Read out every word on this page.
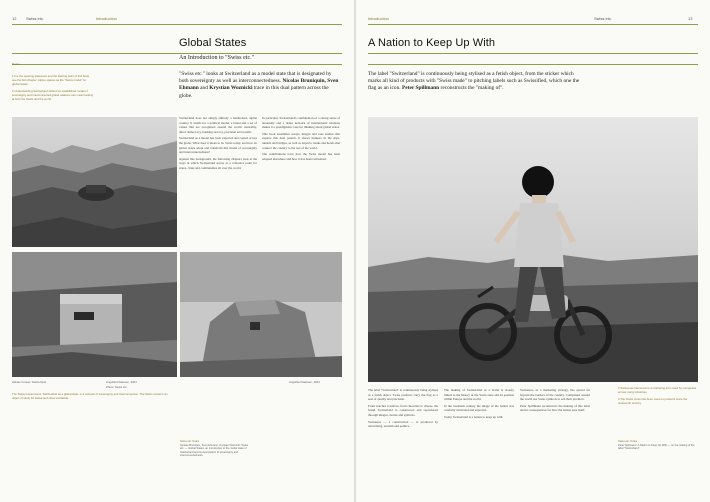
12 Swiss etc.	Introduction
Global States
An Introduction to "Swiss etc."
Notes

1 For the opening statement and the starting point of this book see the first chapter: Alpine spaces as the "Swiss model" for global states.

2 Understanding Switzerland without an established model of sovereignty and interconnected global relations can mean looking at both the Swiss and the world.

"Swiss etc." looks at Switzerland as a model state that is designated by both sovereignty as well as interconnectedness. Nicolas Bruniquin, Sven Ehmann and Krystian Woznicki trace in this dual pattern across the globe.

Switzerland does not simply embody a landlocked, alpine country. It stands for a political model, a brand and a set of values that are recognised around the world: neutrality, direct democracy, banking secrecy, precision and wealth.

Switzerland as a model has been exported and copied across the globe. What does it mean to be Swiss today, and how do global states adopt and transform this model of sovereignty and interconnectedness?

Against this background, the following chapters look at the ways in which Switzerland serves as a reference point for states, cities and communities all over the world.

In particular, Switzerland's combination of a strong sense of autonomy and a dense network of international relations makes it a paradigmatic case for thinking about global states.

This book assembles essays, images and case studies that explore this dual pattern. It shows bunkers in the Alps, tunnels and bridges, as well as airports, banks and hotels that connect the country to the rest of the world.

The contributions trace how the Swiss model has been adopted elsewhere and how it has been reinvented.

Hidden bunker, Switzerland	Angelika Klaassen, 2004
Photo: Swiss etc.
Angelika Klaassen, 2004

The Swiss Government, Switzerland as a global state, is a network of sovereignty and interconnection. The Swiss model is an object of study for states and cities worldwide.

Swiss etc. Notes
Nicolas Bruniquin, Sven Ehmann, Krystian Woznicki: Swiss etc. — Global States, an introduction to the model state of Switzerland and its dual pattern of sovereignty and interconnectedness.
Introduction	Swiss etc.	13
A Nation to Keep Up With
The label "Switzerland" is continuously being stylised as a fetish object, from the sticker which marks all kind of products with "Swiss made" to pitching labels such as Swissified, which one the flag as an icon. Peter Spillmann reconstructs the "making of".

The label "Switzerland" is continuously being stylised as a fetish object. Swiss products carry the flag as a seal of quality and precision.

From watches to knives, from chocolate to cheese, the brand Switzerland is constructed and reproduced through images, stories and symbols.

Swissness — a construction — is produced by advertising, tourism and politics.

The making of Switzerland as a brand is closely linked to the history of the Swiss state and its position within Europe and the world.

In the twentieth century the image of the nation was carefully cultivated and exported.

Today Switzerland is a nation to keep up with.

Swissness, as a marketing strategy, has spread far beyond the borders of the country. Companies around the world use Swiss symbols to sell their products.

Peter Spillmann reconstructs the making of this label and its consequences for how the nation sees itself.

3 Swissness has become a marketing term used by companies across many industries.

4 The Swiss cross has been used on products since the nineteenth century.

Swiss etc. Notes
Peter Spillmann: A Nation to Keep Up With — on the making of the label "Switzerland".
